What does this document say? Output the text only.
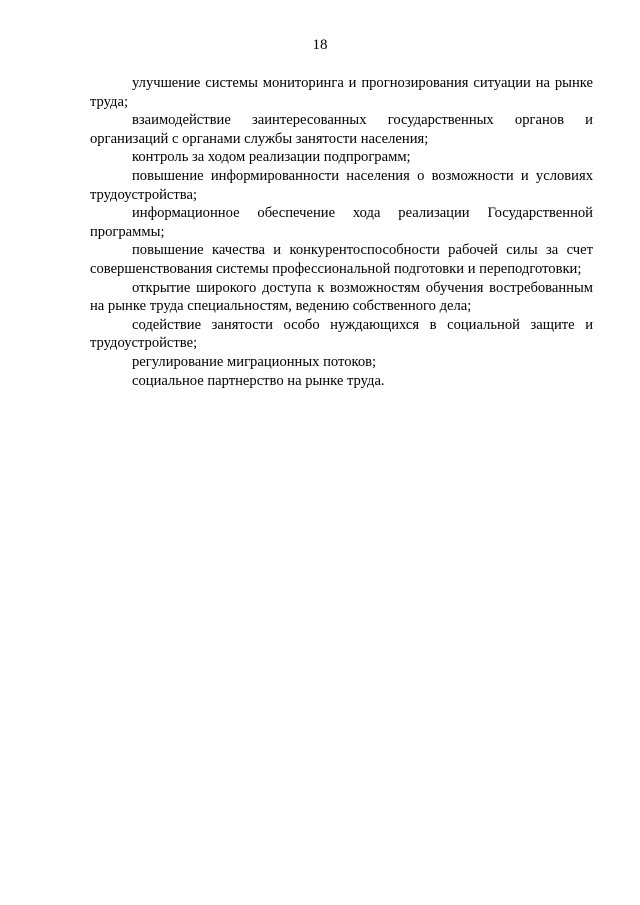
18

улучшение системы мониторинга и прогнозирования ситуации на рынке труда;

взаимодействие заинтересованных государственных органов и организаций с органами службы занятости населения;

контроль за ходом реализации подпрограмм;

повышение информированности населения о возможности и условиях трудоустройства;

информационное обеспечение хода реализации Государственной программы;

повышение качества и конкурентоспособности рабочей силы за счет совершенствования системы профессиональной подготовки и переподготовки;

открытие широкого доступа к возможностям обучения востребованным на рынке труда специальностям, ведению собственного дела;

содействие занятости особо нуждающихся в социальной защите и трудоустройстве;

регулирование миграционных потоков;

социальное партнерство на рынке труда.
